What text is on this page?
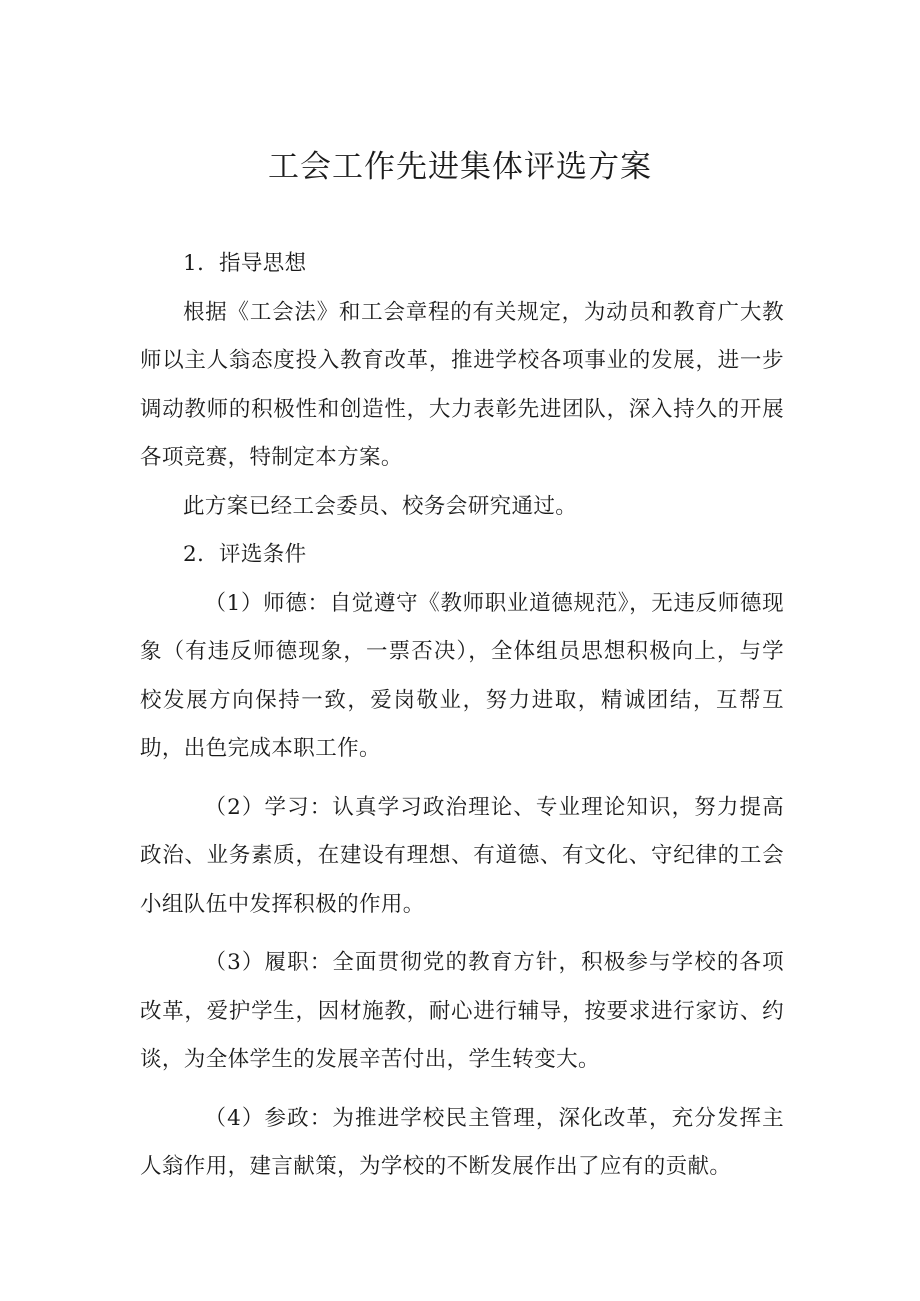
工会工作先进集体评选方案

1．指导思想

根据《工会法》和工会章程的有关规定，为动员和教育广大教师以主人翁态度投入教育改革，推进学校各项事业的发展，进一步调动教师的积极性和创造性，大力表彰先进团队，深入持久的开展各项竞赛，特制定本方案。

此方案已经工会委员、校务会研究通过。

2．评选条件

（1）师德：自觉遵守《教师职业道德规范》，无违反师德现象（有违反师德现象，一票否决），全体组员思想积极向上，与学校发展方向保持一致，爱岗敬业，努力进取，精诚团结，互帮互助，出色完成本职工作。

（2）学习：认真学习政治理论、专业理论知识，努力提高政治、业务素质，在建设有理想、有道德、有文化、守纪律的工会小组队伍中发挥积极的作用。

（3）履职：全面贯彻党的教育方针，积极参与学校的各项改革，爱护学生，因材施教，耐心进行辅导，按要求进行家访、约谈，为全体学生的发展辛苦付出，学生转变大。

（4）参政：为推进学校民主管理，深化改革，充分发挥主人翁作用，建言献策，为学校的不断发展作出了应有的贡献。
